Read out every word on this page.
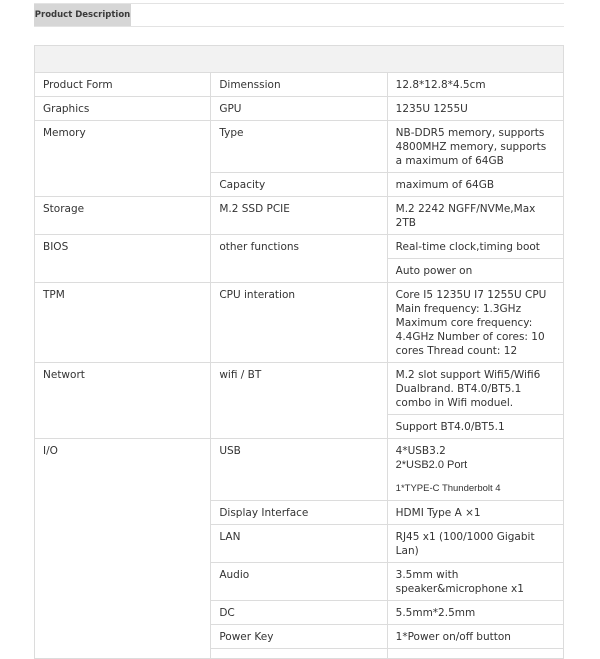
Product Description

Product Form	Dimenssion	12.8*12.8*4.5cm
Graphics	GPU	1235U 1255U
Memory	Type	NB-DDR5 memory, supports 4800MHZ memory, supports a maximum of 64GB
	Capacity	maximum of 64GB
Storage	M.2 SSD PCIE	M.2 2242 NGFF/NVMe,Max 2TB
BIOS	other functions	Real-time clock,timing boot
		Auto power on
TPM	CPU interation	Core I5 1235U I7 1255U CPU Main frequency: 1.3GHz Maximum core frequency: 4.4GHz Number of cores: 10 cores Thread count: 12
Networt	wifi / BT	M.2 slot support Wifi5/Wifi6 Dualbrand. BT4.0/BT5.1 combo in Wifi moduel.
		Support BT4.0/BT5.1
I/O	USB	4*USB3.2
2*USB2.0 Port
1*TYPE-C Thunderbolt 4

	Display Interface	HDMI Type A ×1
	LAN	RJ45 x1 (100/1000 Gigabit Lan)
	Audio	3.5mm with speaker&microphone x1
	DC	5.5mm*2.5mm
	Power Key	1*Power on/off button
